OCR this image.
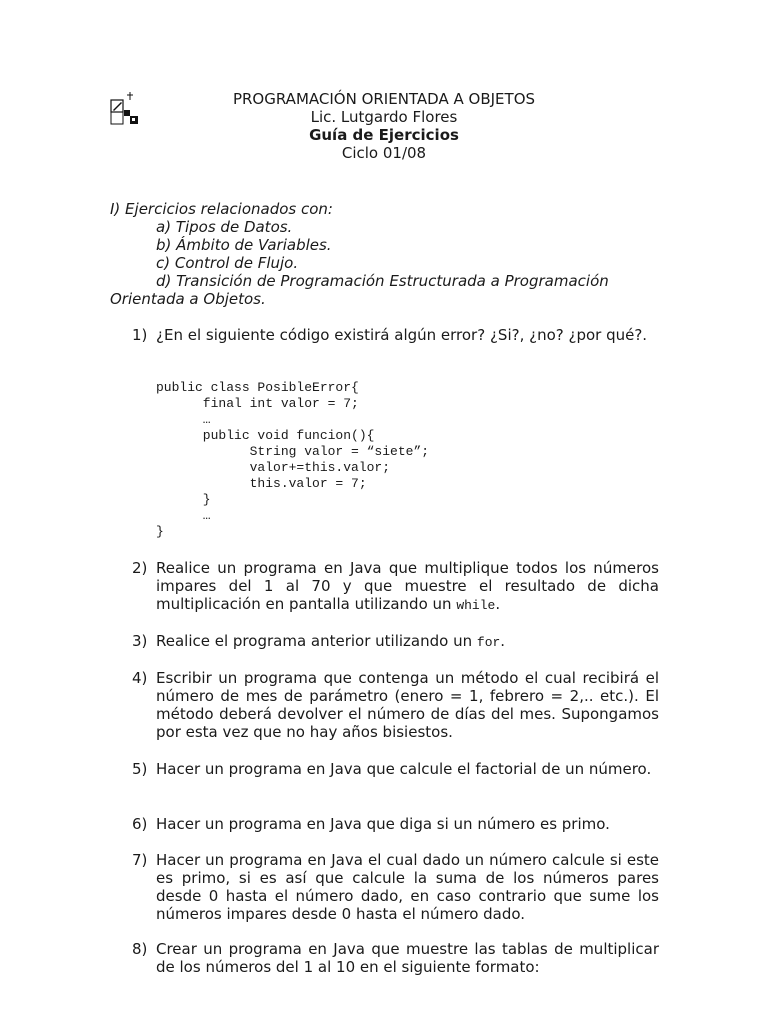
PROGRAMACIÓN ORIENTADA A OBJETOS
Lic. Lutgardo Flores
Guía de Ejercicios
Ciclo 01/08
I) Ejercicios relacionados con:
a) Tipos de Datos.
b) Ámbito de Variables.
c) Control de Flujo.
d) Transición de Programación Estructurada a Programación
Orientada a Objetos.
1) ¿En el siguiente código existirá algún error? ¿Si?, ¿no? ¿por qué?.
public class PosibleError{
final int valor = 7;
…
public void funcion(){
String valor = “siete”;
valor+=this.valor;
this.valor = 7;
}
…
}
2) Realice un programa en Java que multiplique todos los números impares del 1 al 70 y que muestre el resultado de dicha multiplicación en pantalla utilizando un while.
3) Realice el programa anterior utilizando un for.
4) Escribir un programa que contenga un método el cual recibirá el número de mes de parámetro (enero = 1, febrero = 2,.. etc.). El método deberá devolver el número de días del mes. Supongamos por esta vez que no hay años bisiestos.
5) Hacer un programa en Java que calcule el factorial de un número.
6) Hacer un programa en Java que diga si un número es primo.
7) Hacer un programa en Java el cual dado un número calcule si este es primo, si es así que calcule la suma de los números pares desde 0 hasta el número dado, en caso contrario que sume los números impares desde 0 hasta el número dado.
8) Crear un programa en Java que muestre las tablas de multiplicar de los números del 1 al 10 en el siguiente formato:
